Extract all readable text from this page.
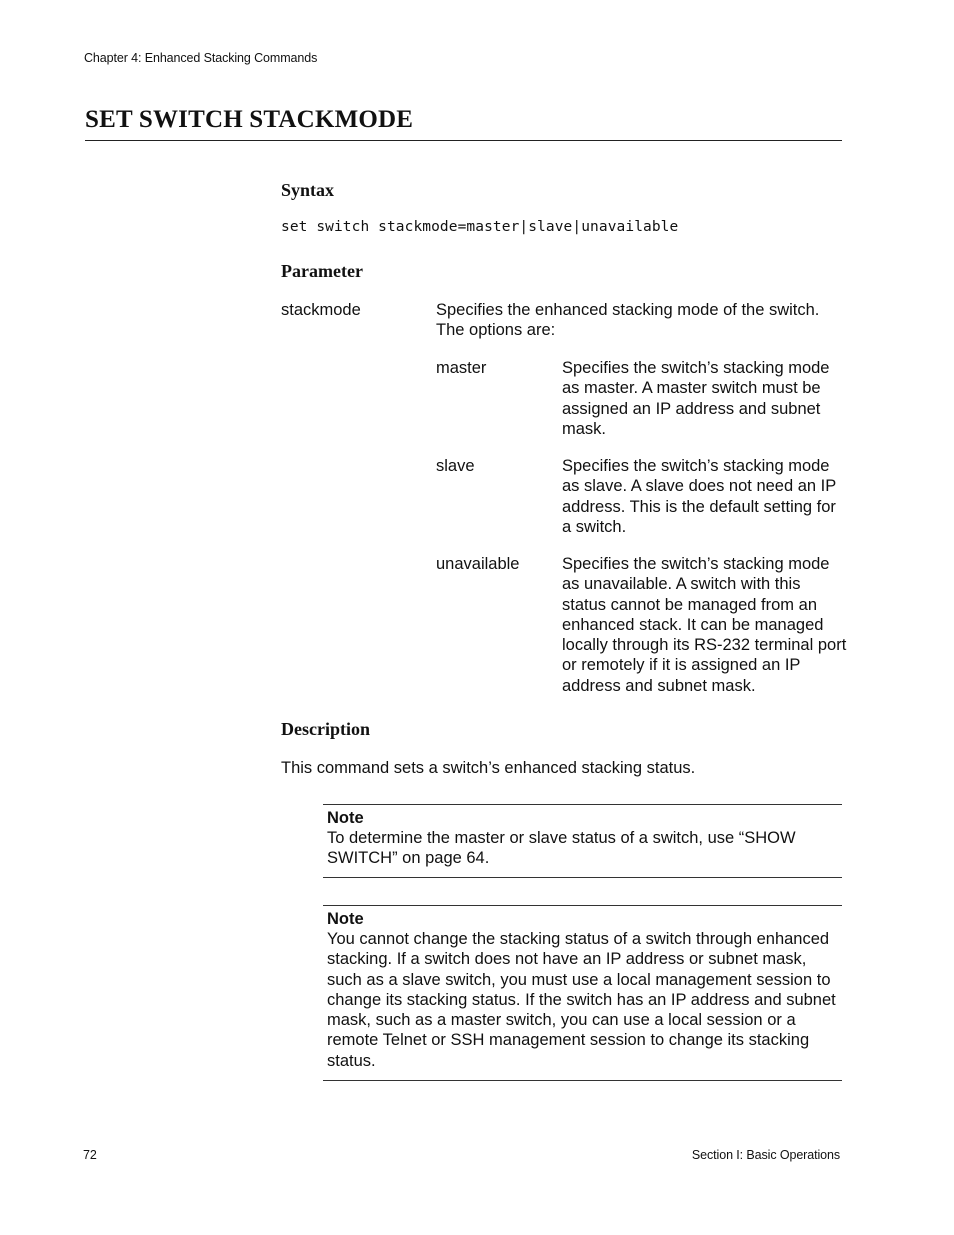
Chapter 4: Enhanced Stacking Commands
SET SWITCH STACKMODE
Syntax
set switch stackmode=master|slave|unavailable
Parameter
stackmode	Specifies the enhanced stacking mode of the switch. The options are:
master	Specifies the switch’s stacking mode as master. A master switch must be assigned an IP address and subnet mask.
slave	Specifies the switch’s stacking mode as slave. A slave does not need an IP address. This is the default setting for a switch.
unavailable	Specifies the switch’s stacking mode as unavailable. A switch with this status cannot be managed from an enhanced stack. It can be managed locally through its RS-232 terminal port or remotely if it is assigned an IP address and subnet mask.
Description
This command sets a switch’s enhanced stacking status.
Note
To determine the master or slave status of a switch, use “SHOW SWITCH” on page 64.
Note
You cannot change the stacking status of a switch through enhanced stacking. If a switch does not have an IP address or subnet mask, such as a slave switch, you must use a local management session to change its stacking status. If the switch has an IP address and subnet mask, such as a master switch, you can use a local session or a remote Telnet or SSH management session to change its stacking status.
72	Section I: Basic Operations
